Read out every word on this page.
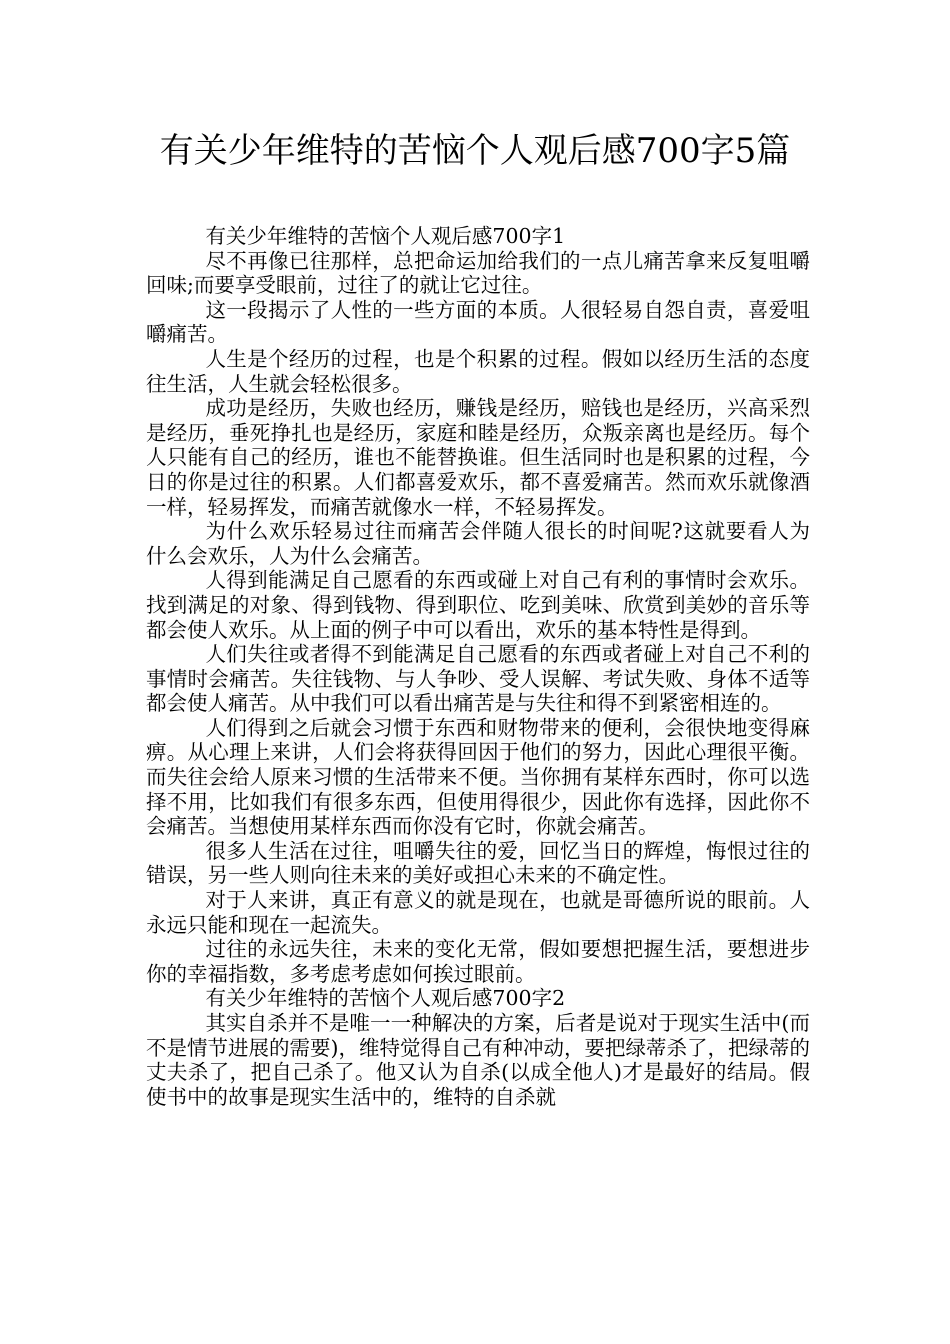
有关少年维特的苦恼个人观后感700字5篇

有关少年维特的苦恼个人观后感700字1

尽不再像已往那样，总把命运加给我们的一点儿痛苦拿来反复咀嚼回味;而要享受眼前，过往了的就让它过往。

这一段揭示了人性的一些方面的本质。人很轻易自怨自责，喜爱咀嚼痛苦。

人生是个经历的过程，也是个积累的过程。假如以经历生活的态度往生活，人生就会轻松很多。

成功是经历，失败也经历，赚钱是经历，赔钱也是经历，兴高采烈是经历，垂死挣扎也是经历，家庭和睦是经历，众叛亲离也是经历。每个人只能有自己的经历，谁也不能替换谁。但生活同时也是积累的过程，今日的你是过往的积累。人们都喜爱欢乐，都不喜爱痛苦。然而欢乐就像酒一样，轻易挥发，而痛苦就像水一样，不轻易挥发。

为什么欢乐轻易过往而痛苦会伴随人很长的时间呢?这就要看人为什么会欢乐，人为什么会痛苦。

人得到能满足自己愿看的东西或碰上对自己有利的事情时会欢乐。找到满足的对象、得到钱物、得到职位、吃到美味、欣赏到美妙的音乐等都会使人欢乐。从上面的例子中可以看出，欢乐的基本特性是得到。

人们失往或者得不到能满足自己愿看的东西或者碰上对自己不利的事情时会痛苦。失往钱物、与人争吵、受人误解、考试失败、身体不适等都会使人痛苦。从中我们可以看出痛苦是与失往和得不到紧密相连的。

人们得到之后就会习惯于东西和财物带来的便利，会很快地变得麻痹。从心理上来讲，人们会将获得回因于他们的努力，因此心理很平衡。而失往会给人原来习惯的生活带来不便。当你拥有某样东西时，你可以选择不用，比如我们有很多东西，但使用得很少，因此你有选择，因此你不会痛苦。当想使用某样东西而你没有它时，你就会痛苦。

很多人生活在过往，咀嚼失往的爱，回忆当日的辉煌，悔恨过往的错误，另一些人则向往未来的美好或担心未来的不确定性。

对于人来讲，真正有意义的就是现在，也就是哥德所说的眼前。人永远只能和现在一起流失。

过往的永远失往，未来的变化无常，假如要想把握生活，要想进步你的幸福指数，多考虑考虑如何挨过眼前。

有关少年维特的苦恼个人观后感700字2

其实自杀并不是唯一一种解决的方案，后者是说对于现实生活中(而不是情节进展的需要)，维特觉得自己有种冲动，要把绿蒂杀了，把绿蒂的丈夫杀了，把自己杀了。他又认为自杀(以成全他人)才是最好的结局。假使书中的故事是现实生活中的，维特的自杀就
